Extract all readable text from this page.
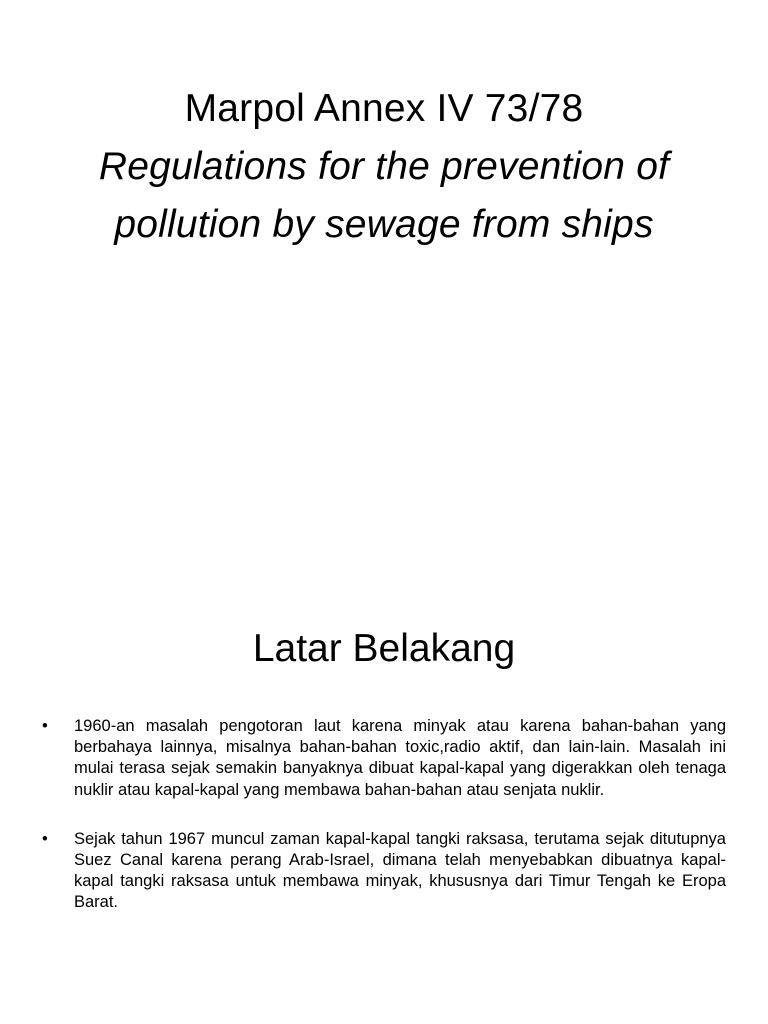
Marpol Annex IV 73/78
Regulations for the prevention of
pollution by sewage from ships
Latar Belakang
• 1960-an masalah pengotoran laut karena minyak atau karena bahan-bahan yang berbahaya lainnya, misalnya bahan-bahan toxic,radio aktif, dan lain-lain. Masalah ini mulai terasa sejak semakin banyaknya dibuat kapal-kapal yang digerakkan oleh tenaga nuklir atau kapal-kapal yang membawa bahan-bahan atau senjata nuklir.
• Sejak tahun 1967 muncul zaman kapal-kapal tangki raksasa, terutama sejak ditutupnya Suez Canal karena perang Arab-Israel, dimana telah menyebabkan dibuatnya kapal-kapal tangki raksasa untuk membawa minyak, khususnya dari Timur Tengah ke Eropa Barat.
